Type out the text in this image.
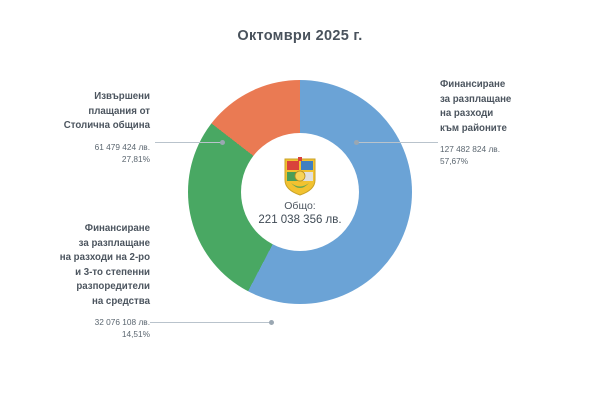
Октомври 2025 г.
Общо:
221 038 356 лв.
Финансиране
за разплащане
на разходи
към районите
127 482 824 лв.
57,67%
Извършени
плащания от
Столична община
61 479 424 лв.
27,81%
Финансиране
за разплащане
на разходи на 2-ро
и 3-то степенни
разпоредители
на средства
32 076 108 лв.
14,51%
